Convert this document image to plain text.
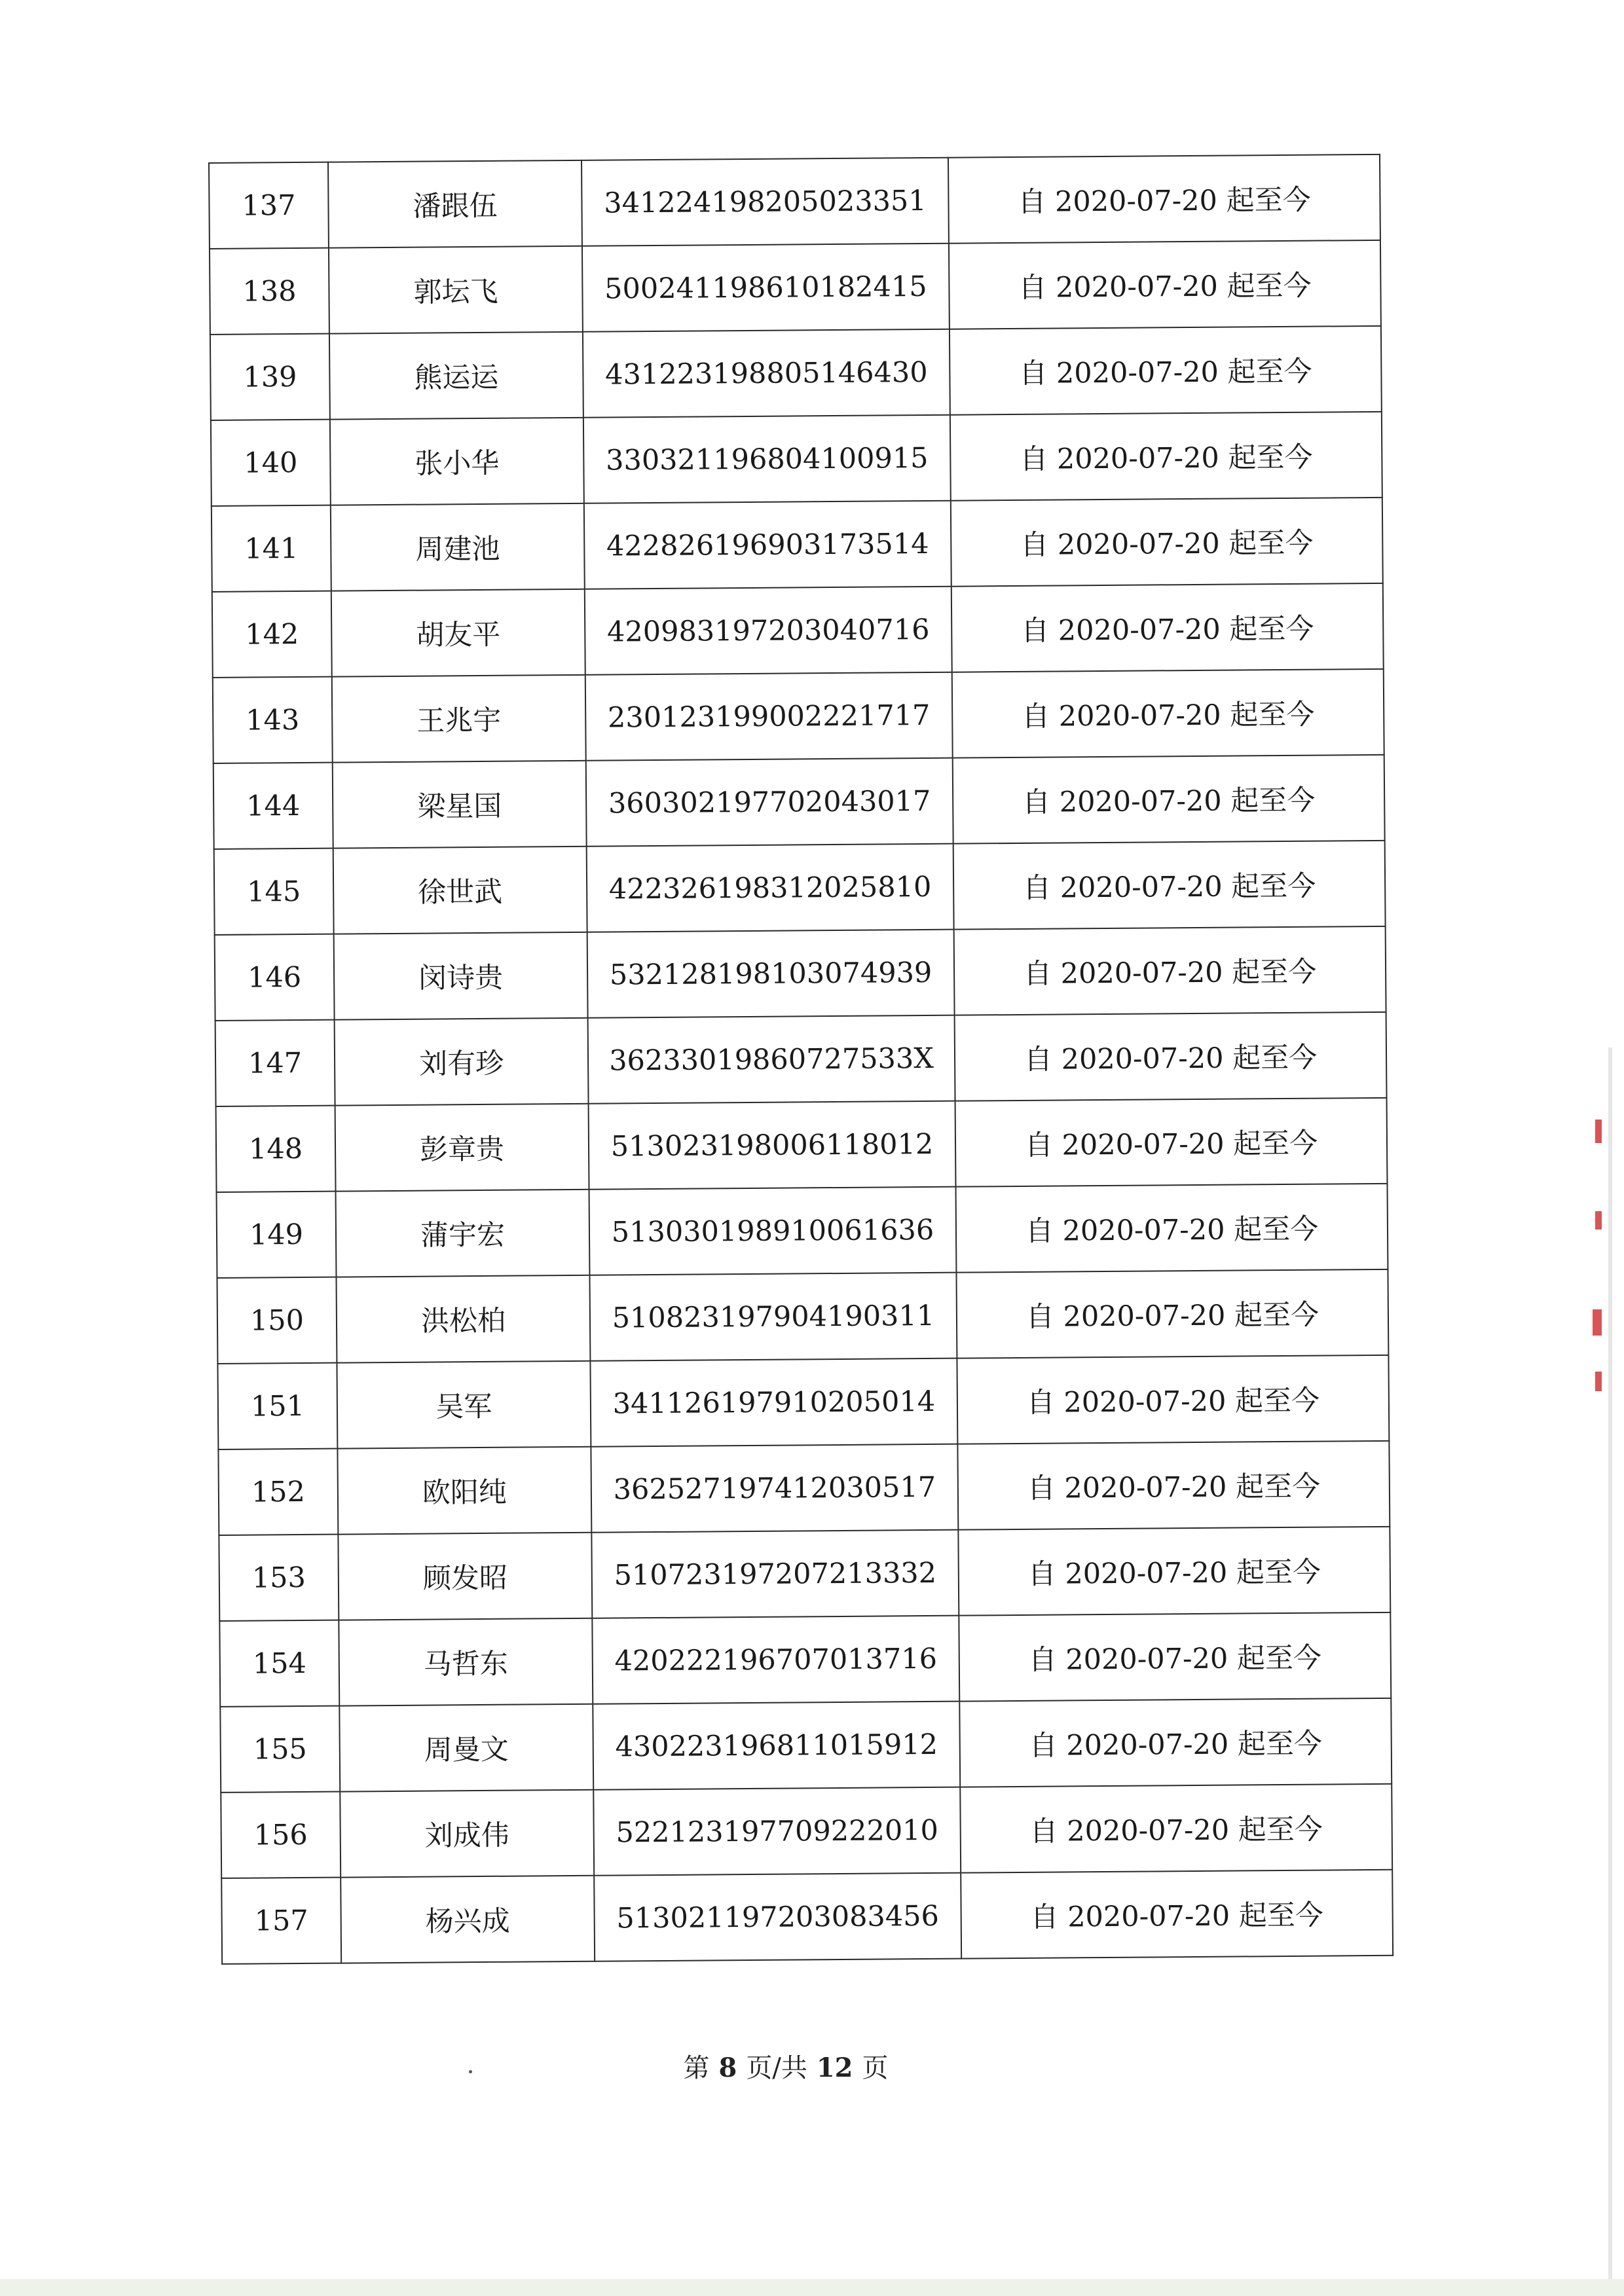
137	潘跟伍	341224198205023351	自 2020-07-20 起至今
138	郭坛飞	500241198610182415	自 2020-07-20 起至今
139	熊运运	431223198805146430	自 2020-07-20 起至今
140	张小华	330321196804100915	自 2020-07-20 起至今
141	周建池	422826196903173514	自 2020-07-20 起至今
142	胡友平	420983197203040716	自 2020-07-20 起至今
143	王兆宇	230123199002221717	自 2020-07-20 起至今
144	梁星国	360302197702043017	自 2020-07-20 起至今
145	徐世武	422326198312025810	自 2020-07-20 起至今
146	闵诗贵	532128198103074939	自 2020-07-20 起至今
147	刘有珍	36233019860727533X	自 2020-07-20 起至今
148	彭章贵	513023198006118012	自 2020-07-20 起至今
149	蒲宇宏	513030198910061636	自 2020-07-20 起至今
150	洪松柏	510823197904190311	自 2020-07-20 起至今
151	吴军	341126197910205014	自 2020-07-20 起至今
152	欧阳纯	362527197412030517	自 2020-07-20 起至今
153	顾发昭	510723197207213332	自 2020-07-20 起至今
154	马哲东	420222196707013716	自 2020-07-20 起至今
155	周曼文	430223196811015912	自 2020-07-20 起至今
156	刘成伟	522123197709222010	自 2020-07-20 起至今
157	杨兴成	513021197203083456	自 2020-07-20 起至今
第 8 页/共 12 页
